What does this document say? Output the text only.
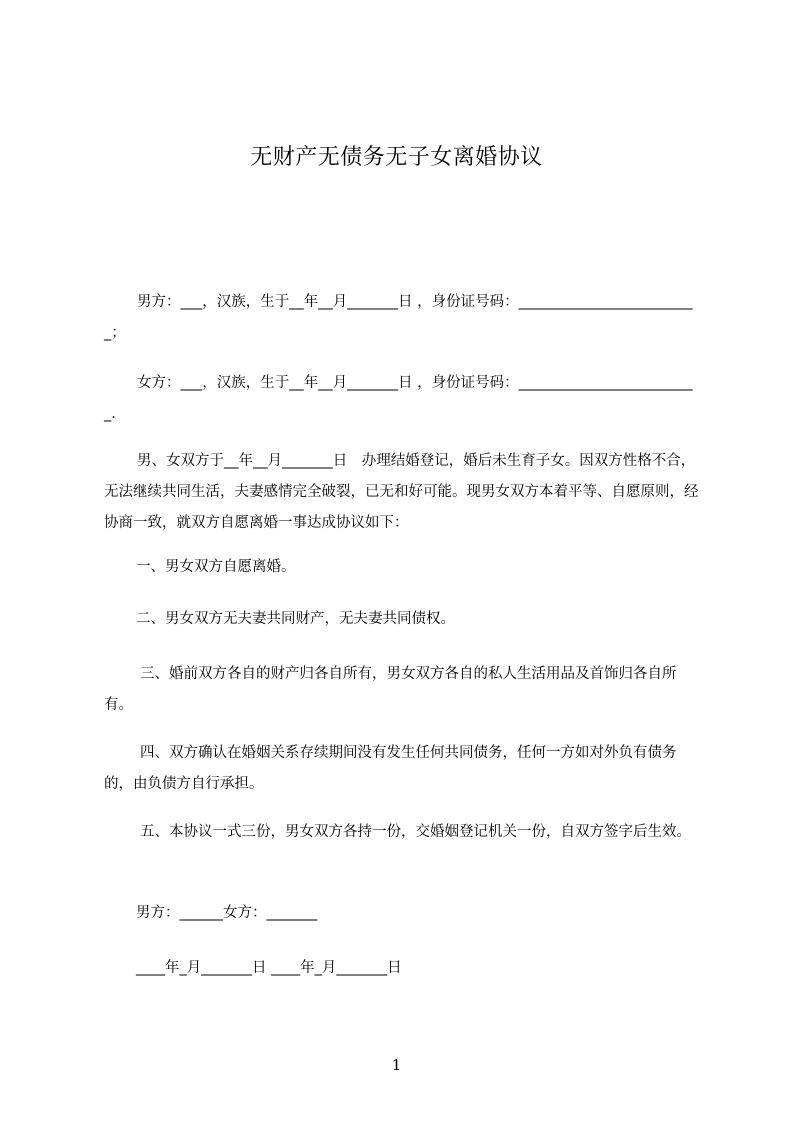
无财产无债务无子女离婚协议

男方：___，汉族，生于__年__月_______日 ，身份证号码：_________________________；

女方：___，汉族，生于__年__月_______日 ，身份证号码：_________________________.

男、女双方于__年__月_______日　办理结婚登记，婚后未生育子女。因双方性格不合，无法继续共同生活，夫妻感情完全破裂，已无和好可能。现男女双方本着平等、自愿原则，经协商一致，就双方自愿离婚一事达成协议如下：

一、男女双方自愿离婚。

二、男女双方无夫妻共同财产，无夫妻共同债权。

三、婚前双方各自的财产归各自所有，男女双方各自的私人生活用品及首饰归各自所有。

四、双方确认在婚姻关系存续期间没有发生任何共同债务，任何一方如对外负有债务的，由负债方自行承担。

五、本协议一式三份，男女双方各持一份，交婚姻登记机关一份，自双方签字后生效。

男方：______女方：_______
____年_月_______日 ____年_月_______日
1
